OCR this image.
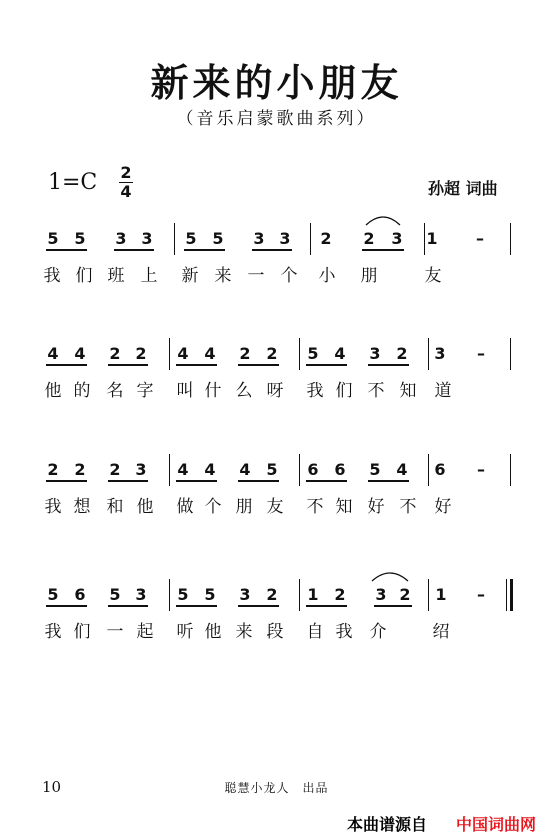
新来的小朋友
（音乐启蒙歌曲系列）
1=C 2
4	孙超 词曲
5 5 3 3 5 5 3 3 2 2 3 1 –
我 们 班 上 新 来 一 个 小 朋	友
4 4 2 2 4 4 2 2 5 4 3 2 3 –
他 的 名 字 叫 什 么 呀 我 们 不 知 道
2 2 2 3 4 4 4 5 6 6 5 4 6 –
我 想 和 他 做 个 朋 友 不 知 好 不 好
5 6 5 3 5 5 3 2 1 2 3 2 1 –
我 们 一 起 听 他 来 段 自 我 介	绍
10	聪慧小龙人　出品
本曲谱源自 中国词曲网
